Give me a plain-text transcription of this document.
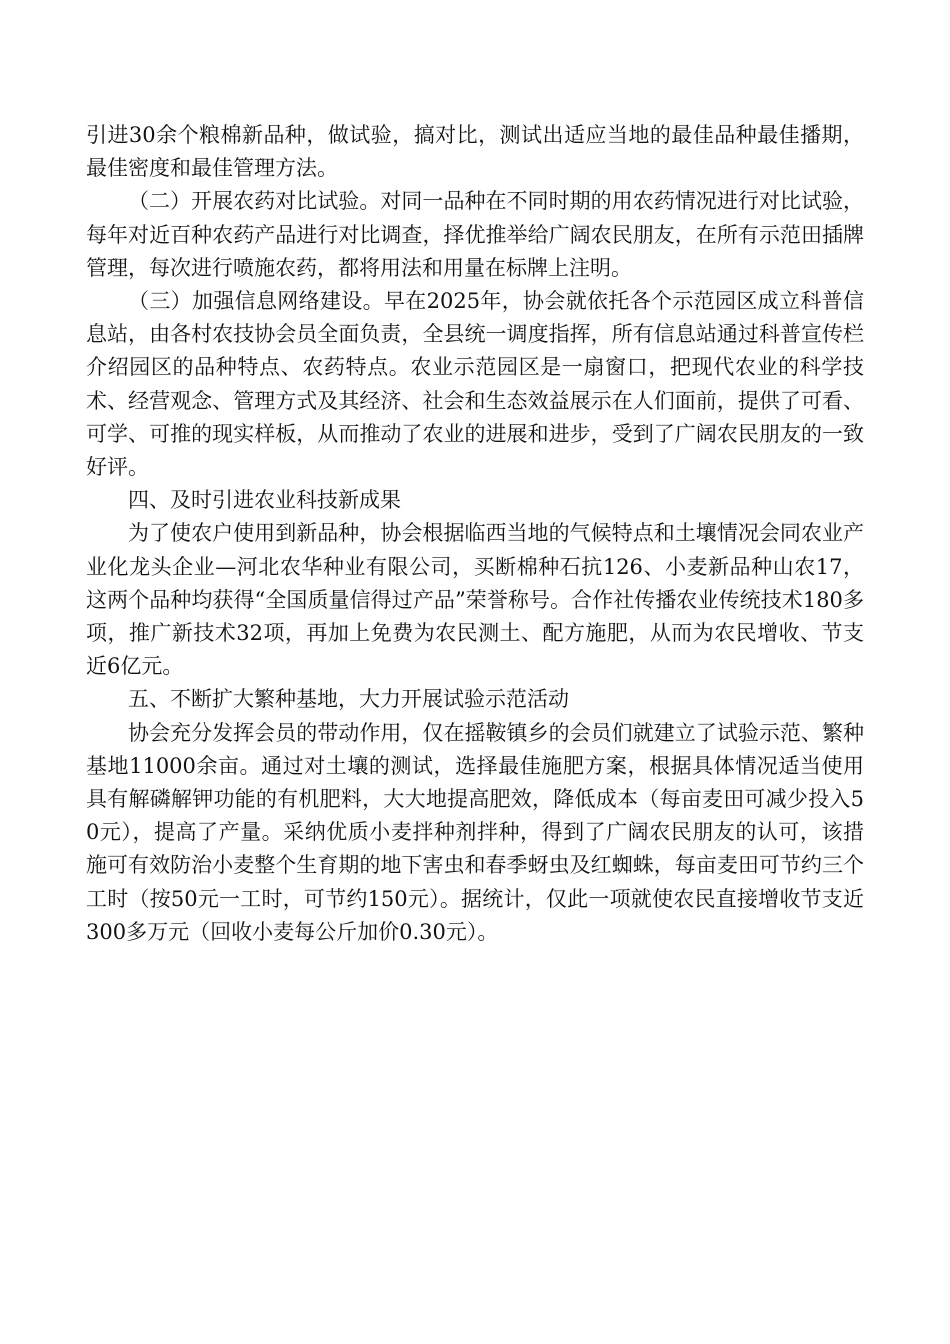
引进30余个粮棉新品种，做试验，搞对比，测试出适应当地的最佳品种最佳播期，最佳密度和最佳管理方法。

（二）开展农药对比试验。对同一品种在不同时期的用农药情况进行对比试验，每年对近百种农药产品进行对比调查，择优推举给广阔农民朋友，在所有示范田插牌管理，每次进行喷施农药，都将用法和用量在标牌上注明。

（三）加强信息网络建设。早在2025年，协会就依托各个示范园区成立科普信息站，由各村农技协会员全面负责，全县统一调度指挥，所有信息站通过科普宣传栏介绍园区的品种特点、农药特点。农业示范园区是一扇窗口，把现代农业的科学技术、经营观念、管理方式及其经济、社会和生态效益展示在人们面前，提供了可看、可学、可推的现实样板，从而推动了农业的进展和进步，受到了广阔农民朋友的一致好评。

四、及时引进农业科技新成果

为了使农户使用到新品种，协会根据临西当地的气候特点和土壤情况会同农业产业化龙头企业—河北农华种业有限公司，买断棉种石抗126、小麦新品种山农17，这两个品种均获得“全国质量信得过产品”荣誉称号。合作社传播农业传统技术180多项，推广新技术32项，再加上免费为农民测土、配方施肥，从而为农民增收、节支近6亿元。

五、不断扩大繁种基地，大力开展试验示范活动

协会充分发挥会员的带动作用，仅在摇鞍镇乡的会员们就建立了试验示范、繁种基地11000余亩。通过对土壤的测试，选择最佳施肥方案，根据具体情况适当使用具有解磷解钾功能的有机肥料，大大地提高肥效，降低成本（每亩麦田可减少投入50元），提高了产量。采纳优质小麦拌种剂拌种，得到了广阔农民朋友的认可，该措施可有效防治小麦整个生育期的地下害虫和春季蚜虫及红蜘蛛，每亩麦田可节约三个工时（按50元一工时，可节约150元）。据统计，仅此一项就使农民直接增收节支近300多万元（回收小麦每公斤加价0.30元）。
